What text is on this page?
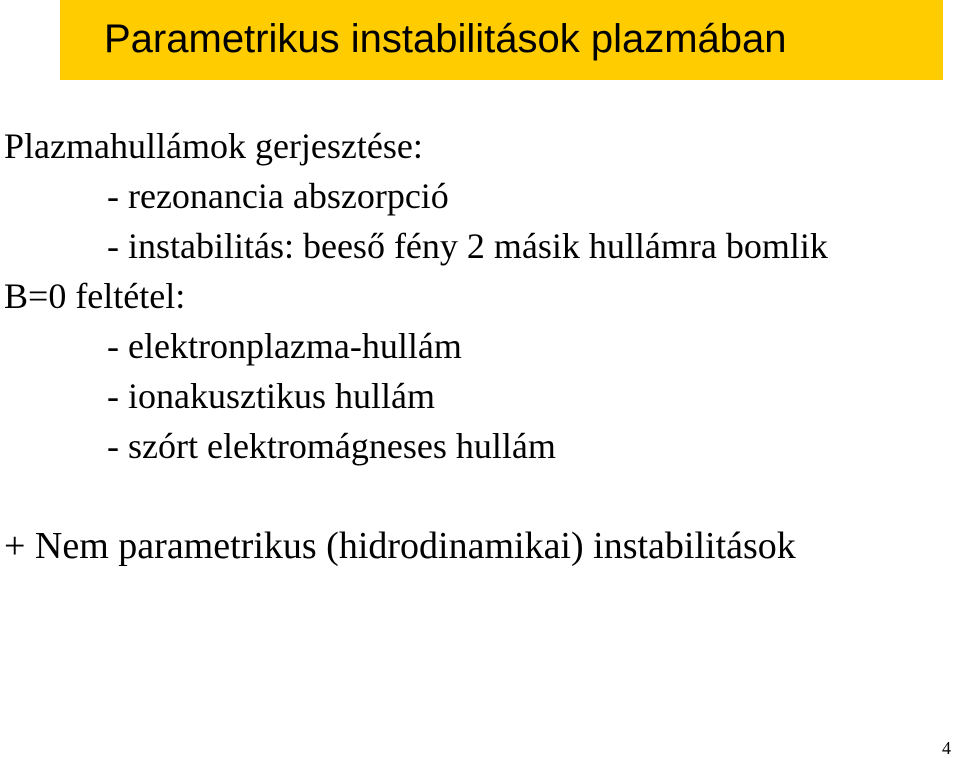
Parametrikus instabilitások plazmában
Plazmahullámok gerjesztése:
- rezonancia abszorpció
- instabilitás: beeső fény 2 másik hullámra bomlik
B=0 feltétel:
- elektronplazma-hullám
- ionakusztikus hullám
- szórt elektromágneses hullám
+ Nem parametrikus (hidrodinamikai) instabilitások
4
